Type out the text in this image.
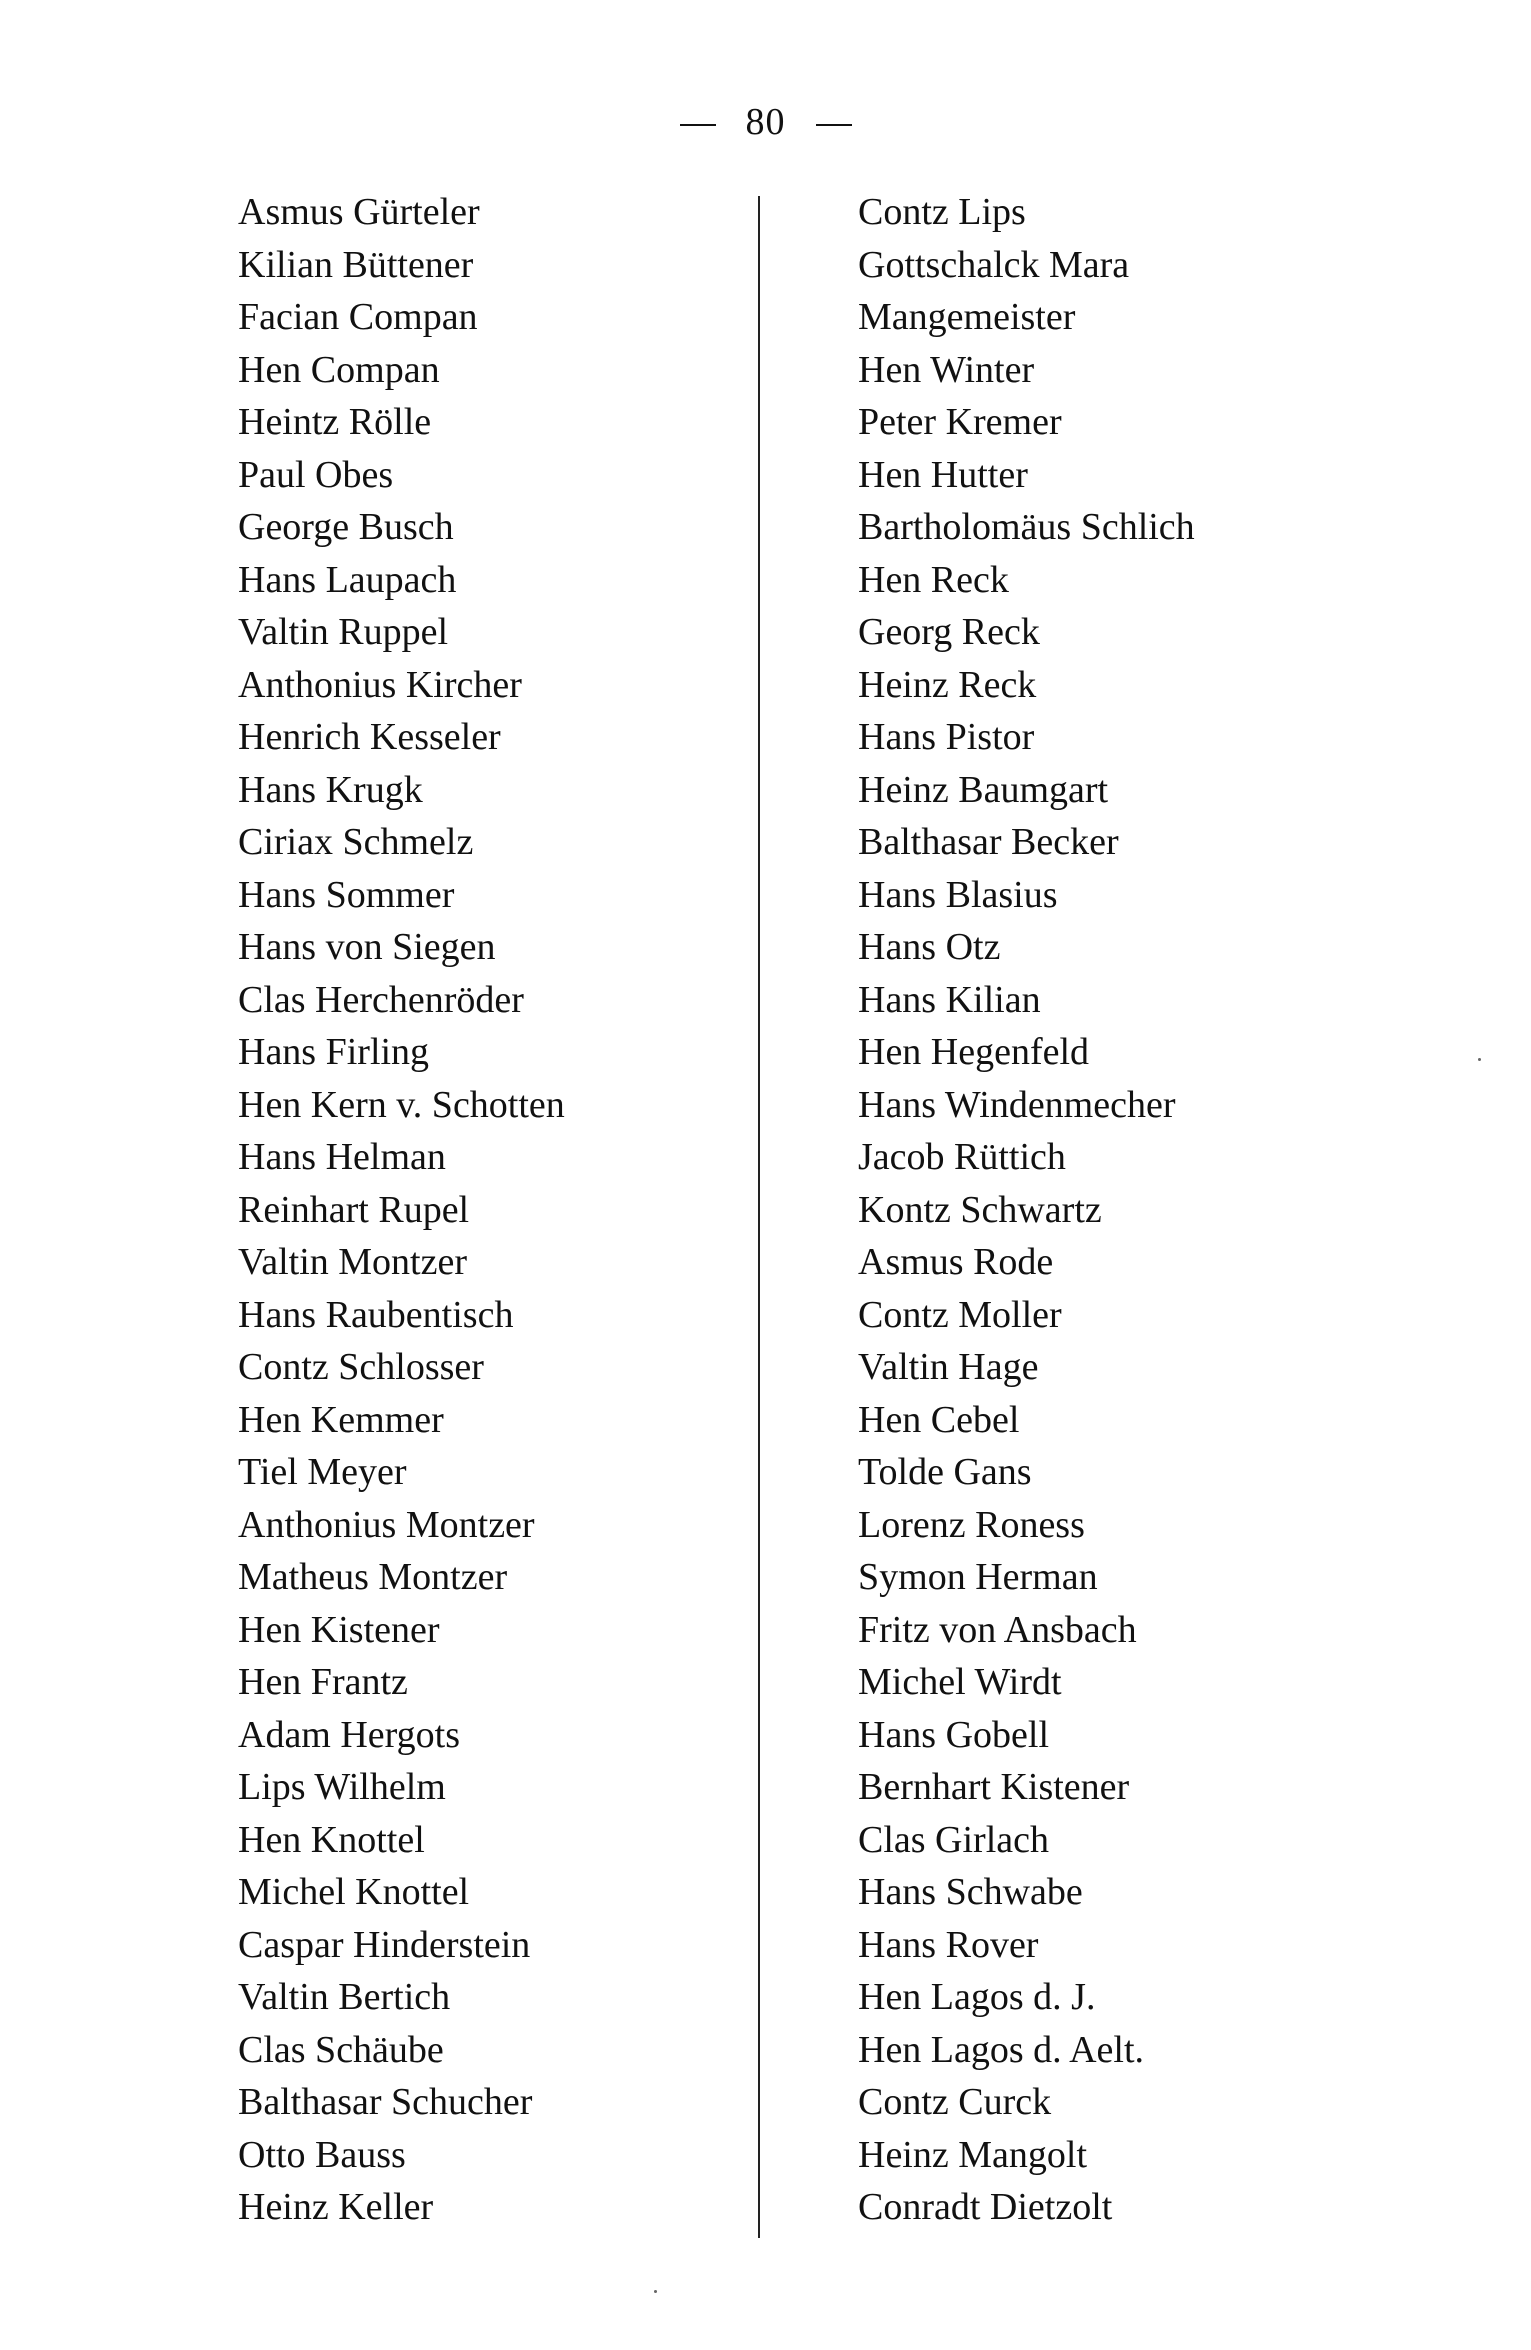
80
Asmus Gürteler
Kilian Büttener
Facian Compan
Hen Compan
Heintz Rölle
Paul Obes
George Busch
Hans Laupach
Valtin Ruppel
Anthonius Kircher
Henrich Kesseler
Hans Krugk
Ciriax Schmelz
Hans Sommer
Hans von Siegen
Clas Herchenröder
Hans Firling
Hen Kern v. Schotten
Hans Helman
Reinhart Rupel
Valtin Montzer
Hans Raubentisch
Contz Schlosser
Hen Kemmer
Tiel Meyer
Anthonius Montzer
Matheus Montzer
Hen Kistener
Hen Frantz
Adam Hergots
Lips Wilhelm
Hen Knottel
Michel Knottel
Caspar Hinderstein
Valtin Bertich
Clas Schäube
Balthasar Schucher
Otto Bauss
Heinz Keller
Contz Lips
Gottschalck Mara
Mangemeister
Hen Winter
Peter Kremer
Hen Hutter
Bartholomäus Schlich
Hen Reck
Georg Reck
Heinz Reck
Hans Pistor
Heinz Baumgart
Balthasar Becker
Hans Blasius
Hans Otz
Hans Kilian
Hen Hegenfeld
Hans Windenmecher
Jacob Rüttich
Kontz Schwartz
Asmus Rode
Contz Moller
Valtin Hage
Hen Cebel
Tolde Gans
Lorenz Roness
Symon Herman
Fritz von Ansbach
Michel Wirdt
Hans Gobell
Bernhart Kistener
Clas Girlach
Hans Schwabe
Hans Rover
Hen Lagos d. J.
Hen Lagos d. Aelt.
Contz Curck
Heinz Mangolt
Conradt Dietzolt
